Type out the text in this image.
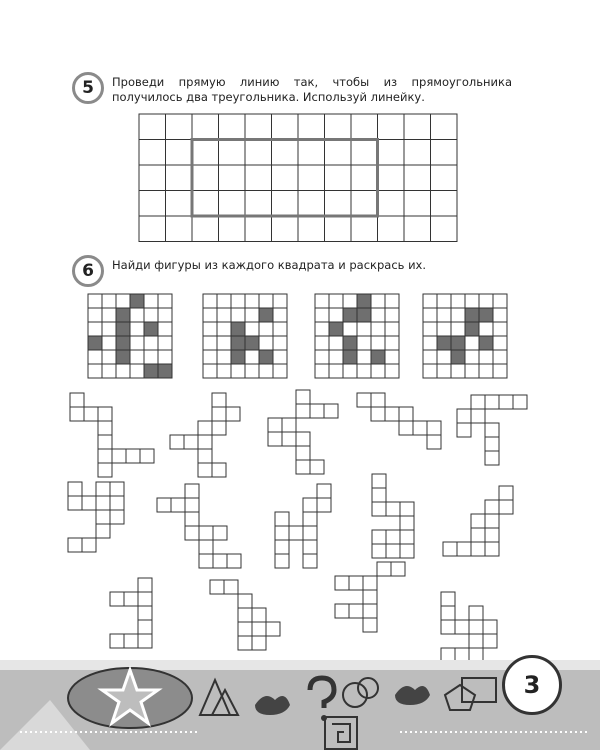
5	Проведи прямую линию так, чтобы из прямоугольника получилось два треугольника. Используй линейку.
6	Найди фигуры из каждого квадрата и раскрась их.
3
